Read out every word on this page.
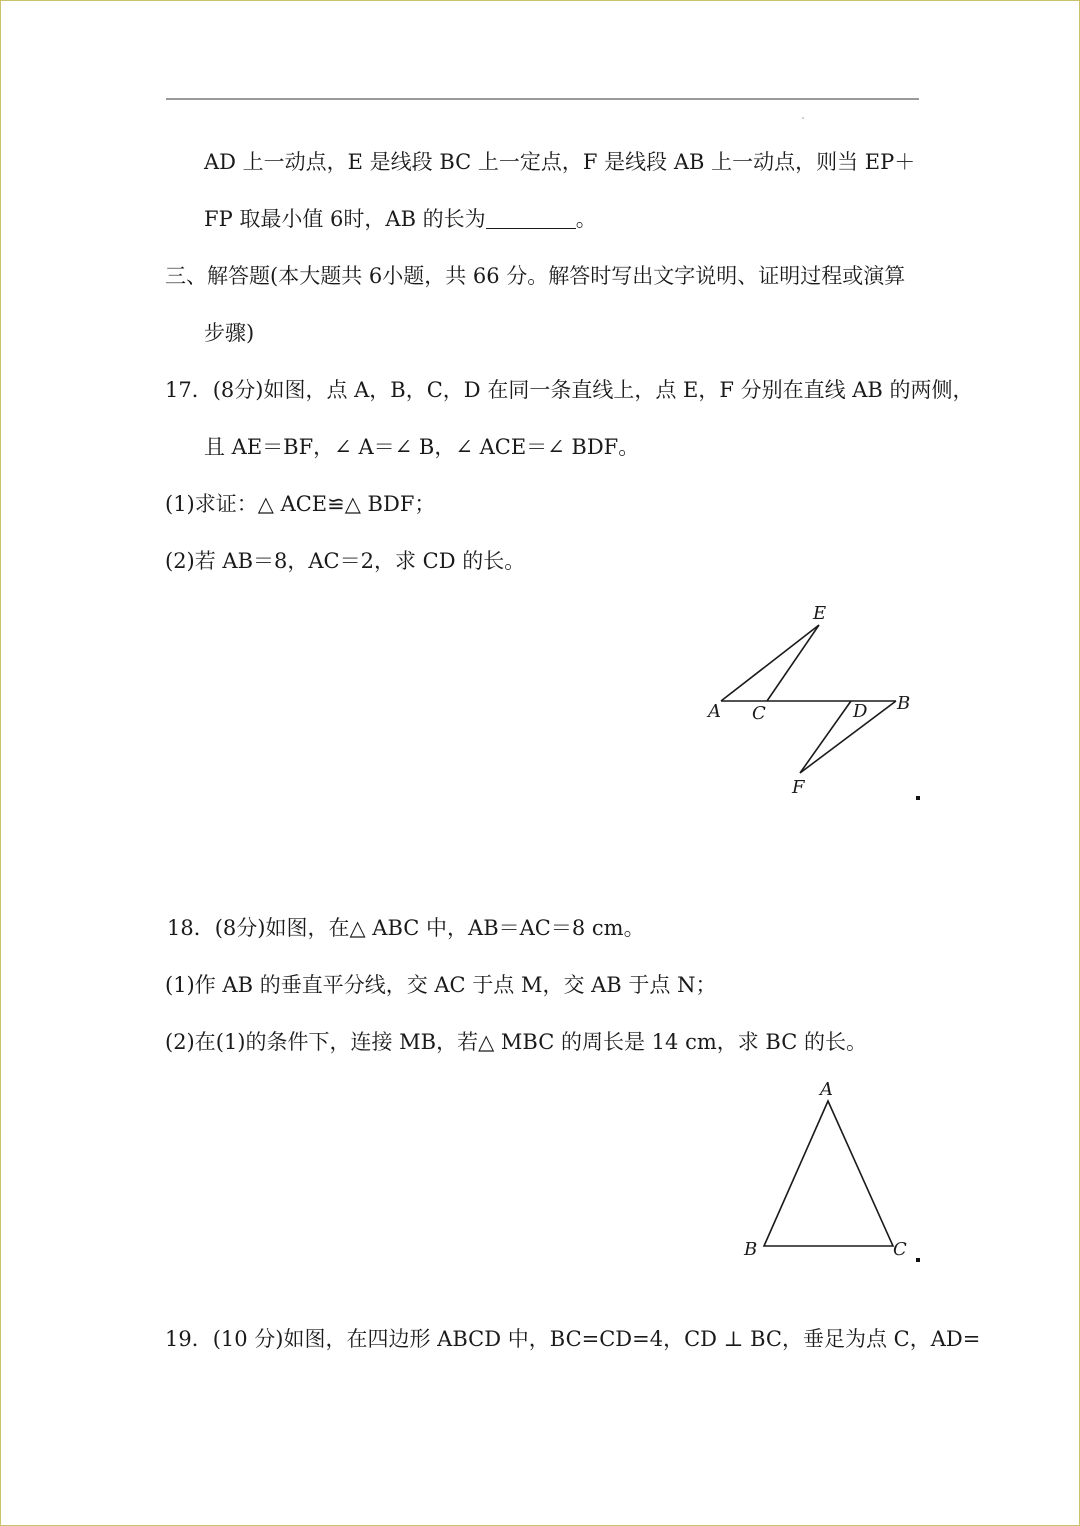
AD 上一动点，E 是线段 BC 上一定点，F 是线段 AB 上一动点，则当 EP＋
FP 取最小值 6时，AB 的长为	。
三、解答题(本大题共 6小题，共 66 分。解答时写出文字说明、证明过程或演算
步骤)
17．(8分)如图，点 A，B，C，D 在同一条直线上，点 E，F 分别在直线 AB 的两侧，
且 AE＝BF，∠ A＝∠ B，∠ ACE＝∠ BDF。
(1)求证：△ ACE≌△ BDF；
(2)若 AB＝8，AC＝2，求 CD 的长。
E
A C	D B
F
18．(8分)如图，在△ ABC 中，AB＝AC＝8 cm。
(1)作 AB 的垂直平分线，交 AC 于点 M，交 AB 于点 N；
(2)在(1)的条件下，连接 MB，若△ MBC 的周长是 14 cm，求 BC 的长。
A
B	C
19．(10 分)如图，在四边形 ABCD 中，BC=CD=4，CD ⊥ BC，垂足为点 C，AD=
